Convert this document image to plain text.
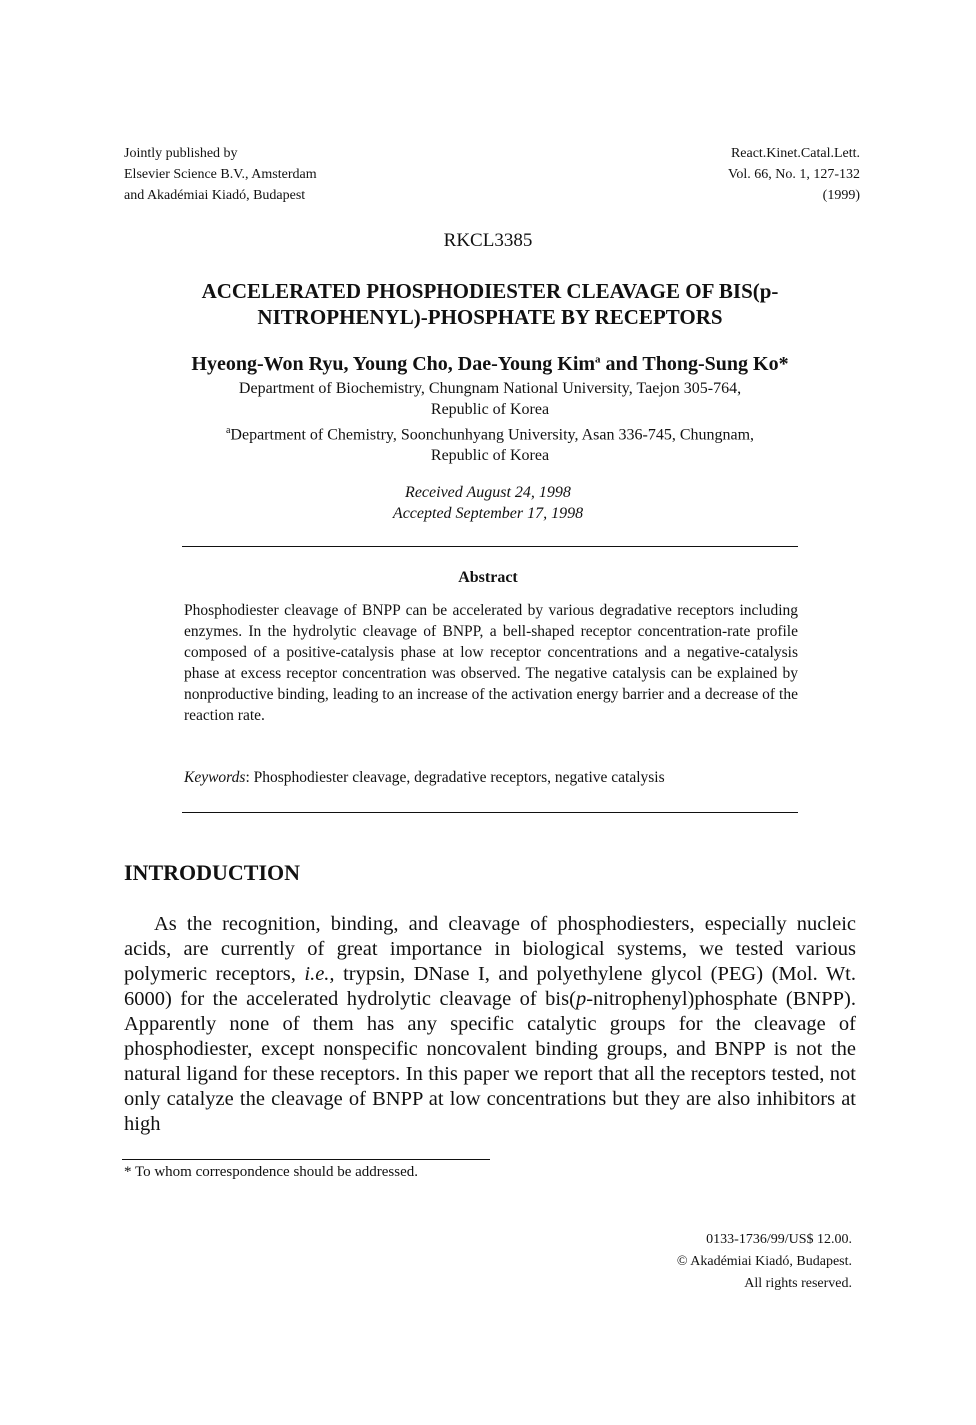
Jointly published by
Elsevier Science B.V., Amsterdam
and Akadémiai Kiadó, Budapest
React.Kinet.Catal.Lett.
Vol. 66, No. 1, 127-132
(1999)
RKCL3385
ACCELERATED PHOSPHODIESTER CLEAVAGE OF BIS(p-
NITROPHENYL)-PHOSPHATE BY RECEPTORS
Hyeong-Won Ryu, Young Cho, Dae-Young Kim$^a$ and Thong-Sung Ko*
Department of Biochemistry, Chungnam National University, Taejon 305-764,
Republic of Korea
$^a$Department of Chemistry, Soonchunhyang University, Asan 336-745, Chungnam,
Republic of Korea
Received August 24, 1998
Accepted September 17, 1998
Abstract
Phosphodiester cleavage of BNPP can be accelerated by various degradative receptors including enzymes. In the hydrolytic cleavage of BNPP, a bell-shaped receptor concentration-rate profile composed of a positive-catalysis phase at low receptor concentrations and a negative-catalysis phase at excess receptor concentration was observed. The negative catalysis can be explained by nonproductive binding, leading to an increase of the activation energy barrier and a decrease of the reaction rate.
Keywords: Phosphodiester cleavage, degradative receptors, negative catalysis
INTRODUCTION
As the recognition, binding, and cleavage of phosphodiesters, especially nucleic acids, are currently of great importance in biological systems, we tested various polymeric receptors, i.e., trypsin, DNase I, and polyethylene glycol (PEG) (Mol. Wt. 6000) for the accelerated hydrolytic cleavage of bis(p-nitrophenyl)phosphate (BNPP). Apparently none of them has any specific catalytic groups for the cleavage of phosphodiester, except nonspecific noncovalent binding groups, and BNPP is not the natural ligand for these receptors. In this paper we report that all the receptors tested, not only catalyze the cleavage of BNPP at low concentrations but they are also inhibitors at high
* To whom correspondence should be addressed.
0133-1736/99/US$ 12.00.
© Akadémiai Kiadó, Budapest.
All rights reserved.
